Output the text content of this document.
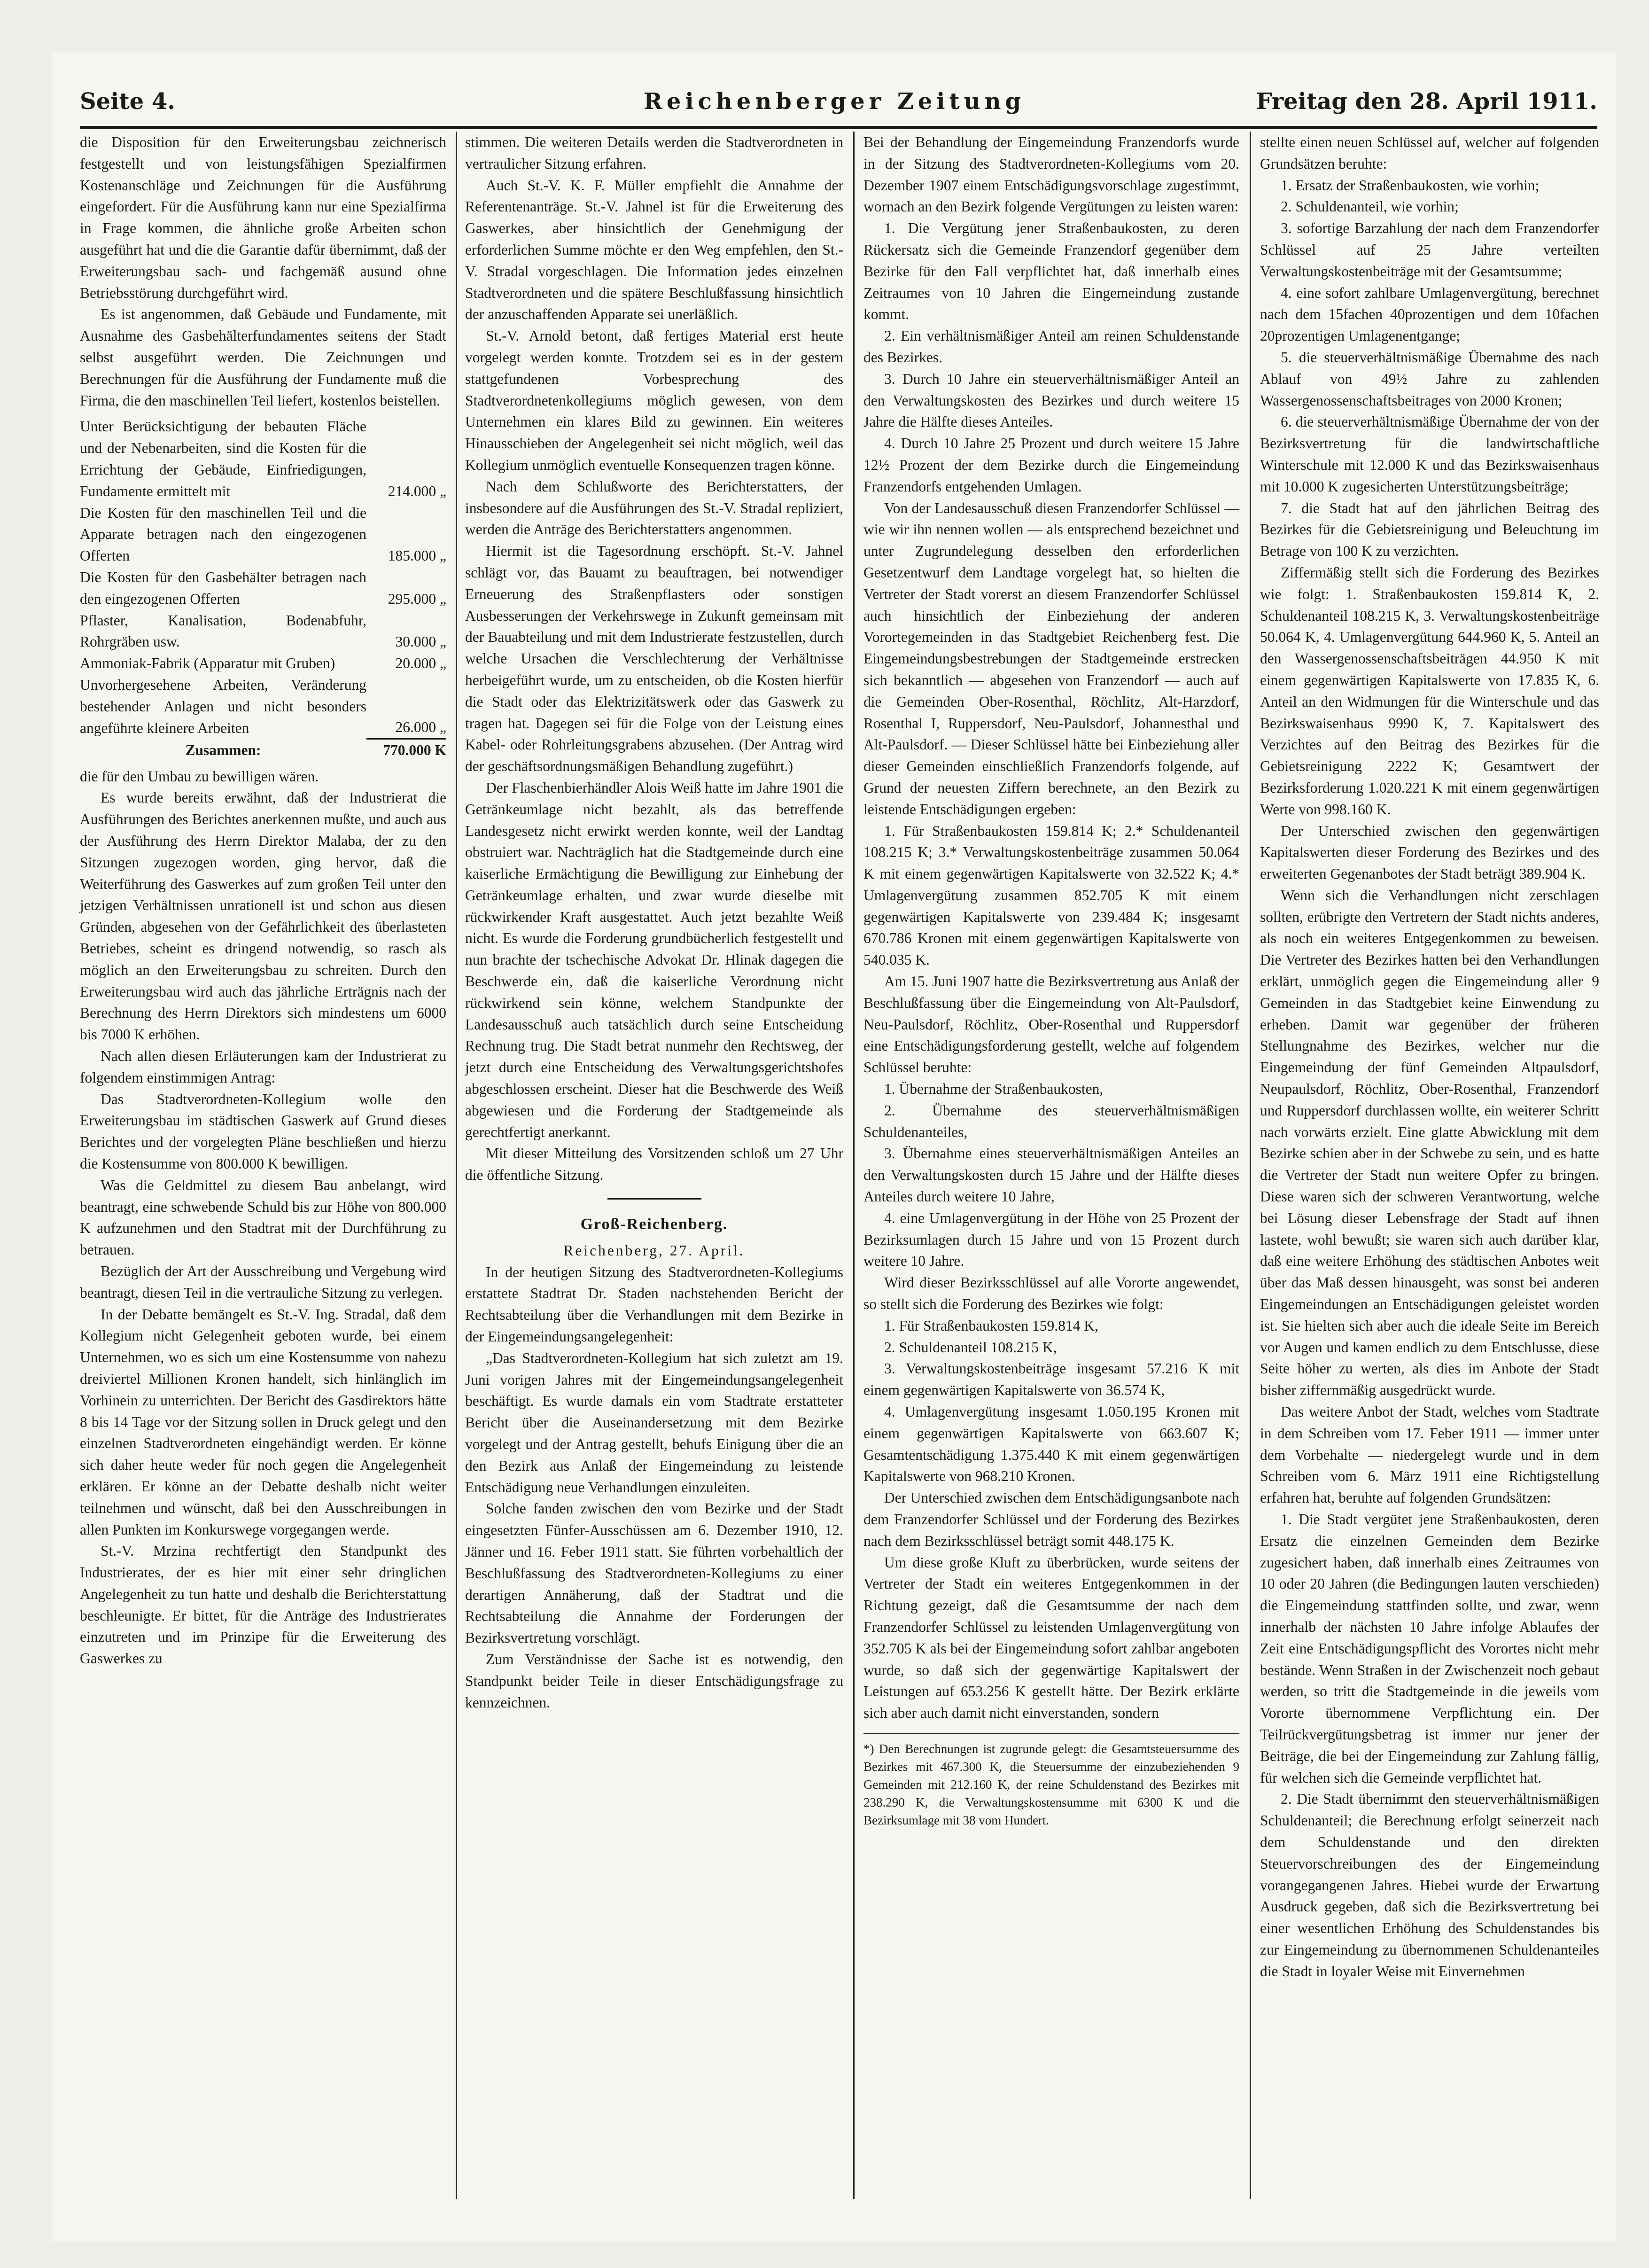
Seite 4.	Reichenberger Zeitung	Freitag den 28. April 1911.

die Disposition für den Erweiterungsbau zeichnerisch festgestellt und von leistungsfähigen Spezialfirmen Kostenanschläge und Zeichnungen für die Ausführung eingefordert. Für die Ausführung kann nur eine Spezialfirma in Frage kommen, die ähnliche große Arbeiten schon ausgeführt hat und die die Garantie dafür übernimmt, daß der Erweiterungsbau sach- und fachgemäß ausund ohne Betriebsstörung durchgeführt wird.

Es ist angenommen, daß Gebäude und Fundamente, mit Ausnahme des Gasbehälterfundamentes seitens der Stadt selbst ausgeführt werden. Die Zeichnungen und Berechnungen für die Ausführung der Fundamente muß die Firma, die den maschinellen Teil liefert, kostenlos beistellen.

Unter Berücksichtigung der bebauten Fläche und der Nebenarbeiten, sind die Kosten für die Errichtung der Gebäude, Einfriedigungen, Fundamente ermittelt mit	214.000 „
Die Kosten für den maschinellen Teil und die Apparate betragen nach den eingezogenen Offerten	185.000 „
Die Kosten für den Gasbehälter betragen nach den eingezogenen Offerten	295.000 „
Pflaster, Kanalisation, Bodenabfuhr, Rohrgräben usw.	30.000 „
Ammoniak-Fabrik (Apparatur mit Gruben)	20.000 „
Unvorhergesehene Arbeiten, Veränderung bestehender Anlagen und nicht besonders angeführte kleinere Arbeiten	26.000 „
Zusammen:	770.000 K

die für den Umbau zu bewilligen wären.

Es wurde bereits erwähnt, daß der Industrierat die Ausführungen des Berichtes anerkennen mußte, und auch aus der Ausführung des Herrn Direktor Malaba, der zu den Sitzungen zugezogen worden, ging hervor, daß die Weiterführung des Gaswerkes auf zum großen Teil unter den jetzigen Verhältnissen unrationell ist und schon aus diesen Gründen, abgesehen von der Gefährlichkeit des überlasteten Betriebes, scheint es dringend notwendig, so rasch als möglich an den Erweiterungsbau zu schreiten. Durch den Erweiterungsbau wird auch das jährliche Erträgnis nach der Berechnung des Herrn Direktors sich mindestens um 6000 bis 7000 K erhöhen.

Nach allen diesen Erläuterungen kam der Industrierat zu folgendem einstimmigen Antrag:

Das Stadtverordneten-Kollegium wolle den Erweiterungsbau im städtischen Gaswerk auf Grund dieses Berichtes und der vorgelegten Pläne beschließen und hierzu die Kostensumme von 800.000 K bewilligen.

Was die Geldmittel zu diesem Bau anbelangt, wird beantragt, eine schwebende Schuld bis zur Höhe von 800.000 K aufzunehmen und den Stadtrat mit der Durchführung zu betrauen.

Bezüglich der Art der Ausschreibung und Vergebung wird beantragt, diesen Teil in die vertrauliche Sitzung zu verlegen.

In der Debatte bemängelt es St.-V. Ing. Stradal, daß dem Kollegium nicht Gelegenheit geboten wurde, bei einem Unternehmen, wo es sich um eine Kostensumme von nahezu dreiviertel Millionen Kronen handelt, sich hinlänglich im Vorhinein zu unterrichten. Der Bericht des Gasdirektors hätte 8 bis 14 Tage vor der Sitzung sollen in Druck gelegt und den einzelnen Stadtverordneten eingehändigt werden. Er könne sich daher heute weder für noch gegen die Angelegenheit erklären. Er könne an der Debatte deshalb nicht weiter teilnehmen und wünscht, daß bei den Ausschreibungen in allen Punkten im Konkurswege vorgegangen werde.

St.-V. Mrzina rechtfertigt den Standpunkt des Industrierates, der es hier mit einer sehr dringlichen Angelegenheit zu tun hatte und deshalb die Berichterstattung beschleunigte. Er bittet, für die Anträge des Industrierates einzutreten und im Prinzipe für die Erweiterung des Gaswerkes zu

stimmen. Die weiteren Details werden die Stadtverordneten in vertraulicher Sitzung erfahren.

Auch St.-V. K. F. Müller empfiehlt die Annahme der Referentenanträge. St.-V. Jahnel ist für die Erweiterung des Gaswerkes, aber hinsichtlich der Genehmigung der erforderlichen Summe möchte er den Weg empfehlen, den St.-V. Stradal vorgeschlagen. Die Information jedes einzelnen Stadtverordneten und die spätere Beschlußfassung hinsichtlich der anzuschaffenden Apparate sei unerläßlich.

St.-V. Arnold betont, daß fertiges Material erst heute vorgelegt werden konnte. Trotzdem sei es in der gestern stattgefundenen Vorbesprechung des Stadtverordnetenkollegiums möglich gewesen, von dem Unternehmen ein klares Bild zu gewinnen. Ein weiteres Hinausschieben der Angelegenheit sei nicht möglich, weil das Kollegium unmöglich eventuelle Konsequenzen tragen könne.

Nach dem Schlußworte des Berichterstatters, der insbesondere auf die Ausführungen des St.-V. Stradal repliziert, werden die Anträge des Berichterstatters angenommen.

Hiermit ist die Tagesordnung erschöpft. St.-V. Jahnel schlägt vor, das Bauamt zu beauftragen, bei notwendiger Erneuerung des Straßenpflasters oder sonstigen Ausbesserungen der Verkehrswege in Zukunft gemeinsam mit der Bauabteilung und mit dem Industrierate festzustellen, durch welche Ursachen die Verschlechterung der Verhältnisse herbeigeführt wurde, um zu entscheiden, ob die Kosten hierfür die Stadt oder das Elektrizitätswerk oder das Gaswerk zu tragen hat. Dagegen sei für die Folge von der Leistung eines Kabel- oder Rohrleitungsgrabens abzusehen. (Der Antrag wird der geschäftsordnungsmäßigen Behandlung zugeführt.)

Der Flaschenbierhändler Alois Weiß hatte im Jahre 1901 die Getränkeumlage nicht bezahlt, als das betreffende Landesgesetz nicht erwirkt werden konnte, weil der Landtag obstruiert war. Nachträglich hat die Stadtgemeinde durch eine kaiserliche Ermächtigung die Bewilligung zur Einhebung der Getränkeumlage erhalten, und zwar wurde dieselbe mit rückwirkender Kraft ausgestattet. Auch jetzt bezahlte Weiß nicht. Es wurde die Forderung grundbücherlich festgestellt und nun brachte der tschechische Advokat Dr. Hlinak dagegen die Beschwerde ein, daß die kaiserliche Verordnung nicht rückwirkend sein könne, welchem Standpunkte der Landesausschuß auch tatsächlich durch seine Entscheidung Rechnung trug. Die Stadt betrat nunmehr den Rechtsweg, der jetzt durch eine Entscheidung des Verwaltungsgerichtshofes abgeschlossen erscheint. Dieser hat die Beschwerde des Weiß abgewiesen und die Forderung der Stadtgemeinde als gerechtfertigt anerkannt.

Mit dieser Mitteilung des Vorsitzenden schloß um 27 Uhr die öffentliche Sitzung.

Groß-Reichenberg.
Reichenberg, 27. April.

In der heutigen Sitzung des Stadtverordneten-Kollegiums erstattete Stadtrat Dr. Staden nachstehenden Bericht der Rechtsabteilung über die Verhandlungen mit dem Bezirke in der Eingemeindungsangelegenheit:

„Das Stadtverordneten-Kollegium hat sich zuletzt am 19. Juni vorigen Jahres mit der Eingemeindungsangelegenheit beschäftigt. Es wurde damals ein vom Stadtrate erstatteter Bericht über die Auseinandersetzung mit dem Bezirke vorgelegt und der Antrag gestellt, behufs Einigung über die an den Bezirk aus Anlaß der Eingemeindung zu leistende Entschädigung neue Verhandlungen einzuleiten.

Solche fanden zwischen den vom Bezirke und der Stadt eingesetzten Fünfer-Ausschüssen am 6. Dezember 1910, 12. Jänner und 16. Feber 1911 statt. Sie führten vorbehaltlich der Beschlußfassung des Stadtverordneten-Kollegiums zu einer derartigen Annäherung, daß der Stadtrat und die Rechtsabteilung die Annahme der Forderungen der Bezirksvertretung vorschlägt.

Zum Verständnisse der Sache ist es notwendig, den Standpunkt beider Teile in dieser Entschädigungsfrage zu kennzeichnen.

Bei der Behandlung der Eingemeindung Franzendorfs wurde in der Sitzung des Stadtverordneten-Kollegiums vom 20. Dezember 1907 einem Entschädigungsvorschlage zugestimmt, wornach an den Bezirk folgende Vergütungen zu leisten waren:

1. Die Vergütung jener Straßenbaukosten, zu deren Rückersatz sich die Gemeinde Franzendorf gegenüber dem Bezirke für den Fall verpflichtet hat, daß innerhalb eines Zeitraumes von 10 Jahren die Eingemeindung zustande kommt.

2. Ein verhältnismäßiger Anteil am reinen Schuldenstande des Bezirkes.

3. Durch 10 Jahre ein steuerverhältnismäßiger Anteil an den Verwaltungskosten des Bezirkes und durch weitere 15 Jahre die Hälfte dieses Anteiles.

4. Durch 10 Jahre 25 Prozent und durch weitere 15 Jahre 12½ Prozent der dem Bezirke durch die Eingemeindung Franzendorfs entgehenden Umlagen.

Von der Landesausschuß diesen Franzendorfer Schlüssel — wie wir ihn nennen wollen — als entsprechend bezeichnet und unter Zugrundelegung desselben den erforderlichen Gesetzentwurf dem Landtage vorgelegt hat, so hielten die Vertreter der Stadt vorerst an diesem Franzendorfer Schlüssel auch hinsichtlich der Einbeziehung der anderen Vorortegemeinden in das Stadtgebiet Reichenberg fest. Die Eingemeindungsbestrebungen der Stadtgemeinde erstrecken sich bekanntlich — abgesehen von Franzendorf — auch auf die Gemeinden Ober-Rosenthal, Röchlitz, Alt-Harzdorf, Rosenthal I, Ruppersdorf, Neu-Paulsdorf, Johannesthal und Alt-Paulsdorf. — Dieser Schlüssel hätte bei Einbeziehung aller dieser Gemeinden einschließlich Franzendorfs folgende, auf Grund der neuesten Ziffern berechnete, an den Bezirk zu leistende Entschädigungen ergeben:

1. Für Straßenbaukosten 159.814 K; 2.* Schuldenanteil 108.215 K; 3.* Verwaltungskostenbeiträge zusammen 50.064 K mit einem gegenwärtigen Kapitalswerte von 32.522 K; 4.* Umlagenvergütung zusammen 852.705 K mit einem gegenwärtigen Kapitalswerte von 239.484 K; insgesamt 670.786 Kronen mit einem gegenwärtigen Kapitalswerte von 540.035 K.

Am 15. Juni 1907 hatte die Bezirksvertretung aus Anlaß der Beschlußfassung über die Eingemeindung von Alt-Paulsdorf, Neu-Paulsdorf, Röchlitz, Ober-Rosenthal und Ruppersdorf eine Entschädigungsforderung gestellt, welche auf folgendem Schlüssel beruhte:

1. Übernahme der Straßenbaukosten,

2. Übernahme des steuerverhältnismäßigen Schuldenanteiles,

3. Übernahme eines steuerverhältnismäßigen Anteiles an den Verwaltungskosten durch 15 Jahre und der Hälfte dieses Anteiles durch weitere 10 Jahre,

4. eine Umlagenvergütung in der Höhe von 25 Prozent der Bezirksumlagen durch 15 Jahre und von 15 Prozent durch weitere 10 Jahre.

Wird dieser Bezirksschlüssel auf alle Vororte angewendet, so stellt sich die Forderung des Bezirkes wie folgt:

1. Für Straßenbaukosten 159.814 K,

2. Schuldenanteil 108.215 K,

3. Verwaltungskostenbeiträge insgesamt 57.216 K mit einem gegenwärtigen Kapitalswerte von 36.574 K,

4. Umlagenvergütung insgesamt 1.050.195 Kronen mit einem gegenwärtigen Kapitalswerte von 663.607 K; Gesamtentschädigung 1.375.440 K mit einem gegenwärtigen Kapitalswerte von 968.210 Kronen.

Der Unterschied zwischen dem Entschädigungsanbote nach dem Franzendorfer Schlüssel und der Forderung des Bezirkes nach dem Bezirksschlüssel beträgt somit 448.175 K.

Um diese große Kluft zu überbrücken, wurde seitens der Vertreter der Stadt ein weiteres Entgegenkommen in der Richtung gezeigt, daß die Gesamtsumme der nach dem Franzendorfer Schlüssel zu leistenden Umlagenvergütung von 352.705 K als bei der Eingemeindung sofort zahlbar angeboten wurde, so daß sich der gegenwärtige Kapitalswert der Leistungen auf 653.256 K gestellt hätte. Der Bezirk erklärte sich aber auch damit nicht einverstanden, sondern

*) Den Berechnungen ist zugrunde gelegt: die Gesamtsteuersumme des Bezirkes mit 467.300 K, die Steuersumme der einzubeziehenden 9 Gemeinden mit 212.160 K, der reine Schuldenstand des Bezirkes mit 238.290 K, die Verwaltungskostensumme mit 6300 K und die Bezirksumlage mit 38 vom Hundert.

stellte einen neuen Schlüssel auf, welcher auf folgenden Grundsätzen beruhte:

1. Ersatz der Straßenbaukosten, wie vorhin;

2. Schuldenanteil, wie vorhin;

3. sofortige Barzahlung der nach dem Franzendorfer Schlüssel auf 25 Jahre verteilten Verwaltungskostenbeiträge mit der Gesamtsumme;

4. eine sofort zahlbare Umlagenvergütung, berechnet nach dem 15fachen 40prozentigen und dem 10fachen 20prozentigen Umlagenentgange;

5. die steuerverhältnismäßige Übernahme des nach Ablauf von 49½ Jahre zu zahlenden Wassergenossenschaftsbeitrages von 2000 Kronen;

6. die steuerverhältnismäßige Übernahme der von der Bezirksvertretung für die landwirtschaftliche Winterschule mit 12.000 K und das Bezirkswaisenhaus mit 10.000 K zugesicherten Unterstützungsbeiträge;

7. die Stadt hat auf den jährlichen Beitrag des Bezirkes für die Gebietsreinigung und Beleuchtung im Betrage von 100 K zu verzichten.

Ziffermäßig stellt sich die Forderung des Bezirkes wie folgt: 1. Straßenbaukosten 159.814 K, 2. Schuldenanteil 108.215 K, 3. Verwaltungskostenbeiträge 50.064 K, 4. Umlagenvergütung 644.960 K, 5. Anteil an den Wassergenossenschaftsbeiträgen 44.950 K mit einem gegenwärtigen Kapitalswerte von 17.835 K, 6. Anteil an den Widmungen für die Winterschule und das Bezirkswaisenhaus 9990 K, 7. Kapitalswert des Verzichtes auf den Beitrag des Bezirkes für die Gebietsreinigung 2222 K; Gesamtwert der Bezirksforderung 1.020.221 K mit einem gegenwärtigen Werte von 998.160 K.

Der Unterschied zwischen den gegenwärtigen Kapitalswerten dieser Forderung des Bezirkes und des erweiterten Gegenanbotes der Stadt beträgt 389.904 K.

Wenn sich die Verhandlungen nicht zerschlagen sollten, erübrigte den Vertretern der Stadt nichts anderes, als noch ein weiteres Entgegenkommen zu beweisen. Die Vertreter des Bezirkes hatten bei den Verhandlungen erklärt, unmöglich gegen die Eingemeindung aller 9 Gemeinden in das Stadtgebiet keine Einwendung zu erheben. Damit war gegenüber der früheren Stellungnahme des Bezirkes, welcher nur die Eingemeindung der fünf Gemeinden Altpaulsdorf, Neupaulsdorf, Röchlitz, Ober-Rosenthal, Franzendorf und Ruppersdorf durchlassen wollte, ein weiterer Schritt nach vorwärts erzielt. Eine glatte Abwicklung mit dem Bezirke schien aber in der Schwebe zu sein, und es hatte die Vertreter der Stadt nun weitere Opfer zu bringen. Diese waren sich der schweren Verantwortung, welche bei Lösung dieser Lebensfrage der Stadt auf ihnen lastete, wohl bewußt; sie waren sich auch darüber klar, daß eine weitere Erhöhung des städtischen Anbotes weit über das Maß dessen hinausgeht, was sonst bei anderen Eingemeindungen an Entschädigungen geleistet worden ist. Sie hielten sich aber auch die ideale Seite im Bereich vor Augen und kamen endlich zu dem Entschlusse, diese Seite höher zu werten, als dies im Anbote der Stadt bisher ziffernmäßig ausgedrückt wurde.

Das weitere Anbot der Stadt, welches vom Stadtrate in dem Schreiben vom 17. Feber 1911 — immer unter dem Vorbehalte — niedergelegt wurde und in dem Schreiben vom 6. März 1911 eine Richtigstellung erfahren hat, beruhte auf folgenden Grundsätzen:

1. Die Stadt vergütet jene Straßenbaukosten, deren Ersatz die einzelnen Gemeinden dem Bezirke zugesichert haben, daß innerhalb eines Zeitraumes von 10 oder 20 Jahren (die Bedingungen lauten verschieden) die Eingemeindung stattfinden sollte, und zwar, wenn innerhalb der nächsten 10 Jahre infolge Ablaufes der Zeit eine Entschädigungspflicht des Vorortes nicht mehr bestände. Wenn Straßen in der Zwischenzeit noch gebaut werden, so tritt die Stadtgemeinde in die jeweils vom Vororte übernommene Verpflichtung ein. Der Teilrückvergütungsbetrag ist immer nur jener der Beiträge, die bei der Eingemeindung zur Zahlung fällig, für welchen sich die Gemeinde verpflichtet hat.

2. Die Stadt übernimmt den steuerverhältnismäßigen Schuldenanteil; die Berechnung erfolgt seinerzeit nach dem Schuldenstande und den direkten Steuervorschreibungen des der Eingemeindung vorangegangenen Jahres. Hiebei wurde der Erwartung Ausdruck gegeben, daß sich die Bezirksvertretung bei einer wesentlichen Erhöhung des Schuldenstandes bis zur Eingemeindung zu übernommenen Schuldenanteiles die Stadt in loyaler Weise mit Einvernehmen
